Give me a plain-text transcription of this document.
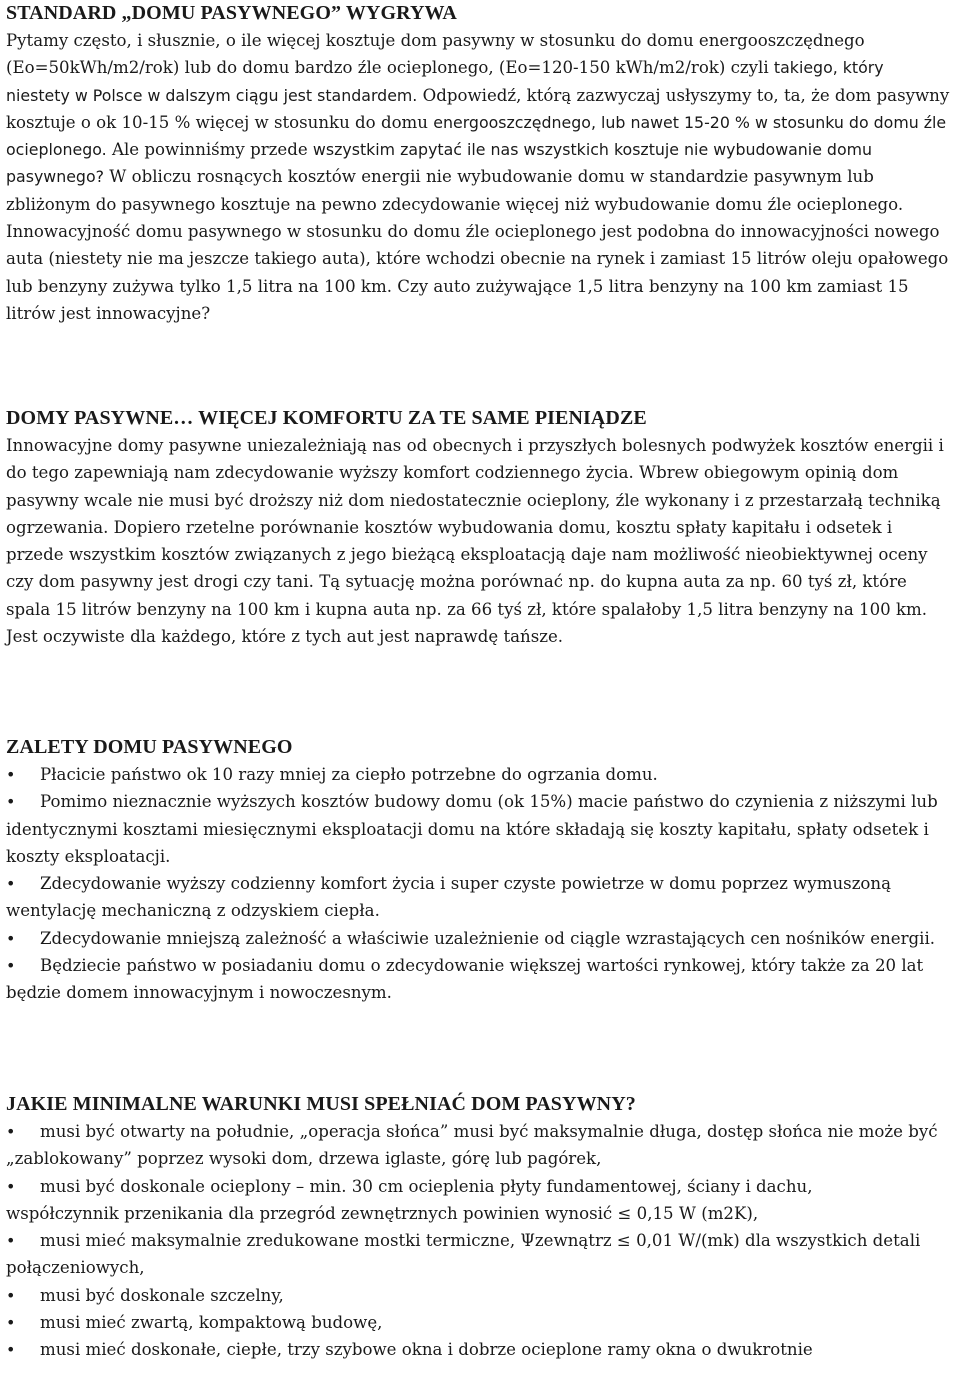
STANDARD „DOMU PASYWNEGO” WYGRYWA

Pytamy często, i słusznie, o ile więcej kosztuje dom pasywny w stosunku do domu energooszczędnego (Eo=50kWh/m2/rok) lub do domu bardzo źle ocieplonego, (Eo=120-150 kWh/m2/rok) czyli takiego, który niestety w Polsce w dalszym ciągu jest standardem. Odpowiedź, którą zazwyczaj usłyszymy to, ta, że dom pasywny kosztuje o ok 10-15 % więcej w stosunku do domu energooszczędnego, lub nawet 15-20 % w stosunku do domu źle ocieplonego. Ale powinniśmy przede wszystkim zapytać ile nas wszystkich kosztuje nie wybudowanie domu pasywnego? W obliczu rosnących kosztów energii nie wybudowanie domu w standardzie pasywnym lub zbliżonym do pasywnego kosztuje na pewno zdecydowanie więcej niż wybudowanie domu źle ocieplonego. Innowacyjność domu pasywnego w stosunku do domu źle ocieplonego jest podobna do innowacyjności nowego auta (niestety nie ma jeszcze takiego auta), które wchodzi obecnie na rynek i zamiast 15 litrów oleju opałowego lub benzyny zużywa tylko 1,5 litra na 100 km. Czy auto zużywające 1,5 litra benzyny na 100 km zamiast 15 litrów jest innowacyjne?

DOMY PASYWNE… WIĘCEJ KOMFORTU ZA TE SAME PIENIĄDZE

Innowacyjne domy pasywne uniezależniają nas od obecnych i przyszłych bolesnych podwyżek kosztów energii i do tego zapewniają nam zdecydowanie wyższy komfort codziennego życia. Wbrew obiegowym opinią dom pasywny wcale nie musi być droższy niż dom niedostatecznie ocieplony, źle wykonany i z przestarzałą techniką ogrzewania. Dopiero rzetelne porównanie kosztów wybudowania domu, kosztu spłaty kapitału i odsetek i przede wszystkim kosztów związanych z jego bieżącą eksploatacją daje nam możliwość nieobiektywnej oceny czy dom pasywny jest drogi czy tani. Tą sytuację można porównać np. do kupna auta za np. 60 tyś zł, które spala 15 litrów benzyny na 100 km i kupna auta np. za 66 tyś zł, które spalałoby 1,5 litra benzyny na 100 km. Jest oczywiste dla każdego, które z tych aut jest naprawdę tańsze.

ZALETY DOMU PASYWNEGO
• Płacicie państwo ok 10 razy mniej za ciepło potrzebne do ogrzania domu.
• Pomimo nieznacznie wyższych kosztów budowy domu (ok 15%) macie państwo do czynienia z niższymi lub identycznymi kosztami miesięcznymi eksploatacji domu na które składają się koszty kapitału, spłaty odsetek i koszty eksploatacji.
• Zdecydowanie wyższy codzienny komfort życia i super czyste powietrze w domu poprzez wymuszoną wentylację mechaniczną z odzyskiem ciepła.
• Zdecydowanie mniejszą zależność a właściwie uzależnienie od ciągle wzrastających cen nośników energii.
• Będziecie państwo w posiadaniu domu o zdecydowanie większej wartości rynkowej, który także za 20 lat będzie domem innowacyjnym i nowoczesnym.
JAKIE MINIMALNE WARUNKI MUSI SPEŁNIAĆ DOM PASYWNY?
• musi być otwarty na południe, „operacja słońca” musi być maksymalnie długa, dostęp słońca nie może być „zablokowany” poprzez wysoki dom, drzewa iglaste, górę lub pagórek,
• musi być doskonale ocieplony – min. 30 cm ocieplenia płyty fundamentowej, ściany i dachu,             współczynnik przenikania dla przegród zewnętrznych powinien wynosić ≤ 0,15 W (m2K),
• musi mieć maksymalnie zredukowane mostki termiczne, Ψzewnątrz ≤ 0,01 W/(mk) dla wszystkich detali połączeniowych,
• musi być doskonale szczelny,
• musi mieć zwartą, kompaktową budowę,
• musi mieć doskonałe, ciepłe, trzy szybowe okna i dobrze ocieplone ramy okna o dwukrotnie
